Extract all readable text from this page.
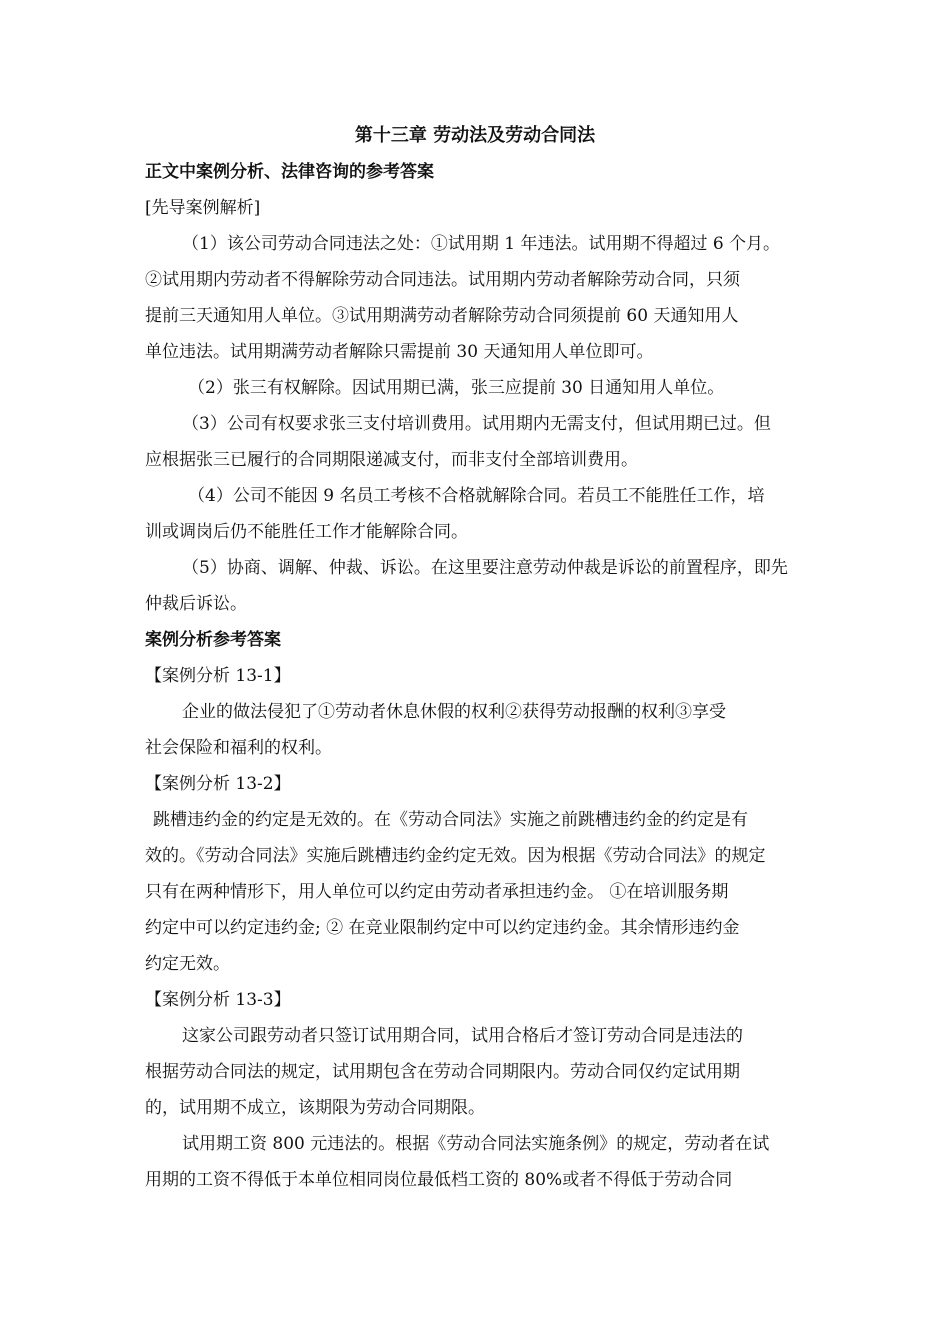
第十三章 劳动法及劳动合同法
正文中案例分析、法律咨询的参考答案
[先导案例解析]
（1）该公司劳动合同违法之处：①试用期 1 年违法。试用期不得超过 6 个月。
②试用期内劳动者不得解除劳动合同违法。试用期内劳动者解除劳动合同，只须
提前三天通知用人单位。③试用期满劳动者解除劳动合同须提前 60 天通知用人
单位违法。试用期满劳动者解除只需提前 30 天通知用人单位即可。
（2）张三有权解除。因试用期已满，张三应提前 30 日通知用人单位。
（3）公司有权要求张三支付培训费用。试用期内无需支付，但试用期已过。但
应根据张三已履行的合同期限递减支付，而非支付全部培训费用。
（4）公司不能因 9 名员工考核不合格就解除合同。若员工不能胜任工作，培
训或调岗后仍不能胜任工作才能解除合同。
（5）协商、调解、仲裁、诉讼。在这里要注意劳动仲裁是诉讼的前置程序，即先
仲裁后诉讼。
案例分析参考答案
【案例分析 13-1】
企业的做法侵犯了①劳动者休息休假的权利②获得劳动报酬的权利③享受
社会保险和福利的权利。
【案例分析 13-2】
跳槽违约金的约定是无效的。在《劳动合同法》实施之前跳槽违约金的约定是有
效的。《劳动合同法》实施后跳槽违约金约定无效。因为根据《劳动合同法》的规定
只有在两种情形下，用人单位可以约定由劳动者承担违约金。 ①在培训服务期
约定中可以约定违约金; ② 在竞业限制约定中可以约定违约金。其余情形违约金
约定无效。
【案例分析 13-3】
这家公司跟劳动者只签订试用期合同，试用合格后才签订劳动合同是违法的
根据劳动合同法的规定，试用期包含在劳动合同期限内。劳动合同仅约定试用期
的，试用期不成立，该期限为劳动合同期限。
试用期工资 800 元违法的。根据《劳动合同法实施条例》的规定，劳动者在试
用期的工资不得低于本单位相同岗位最低档工资的 80%或者不得低于劳动合同
